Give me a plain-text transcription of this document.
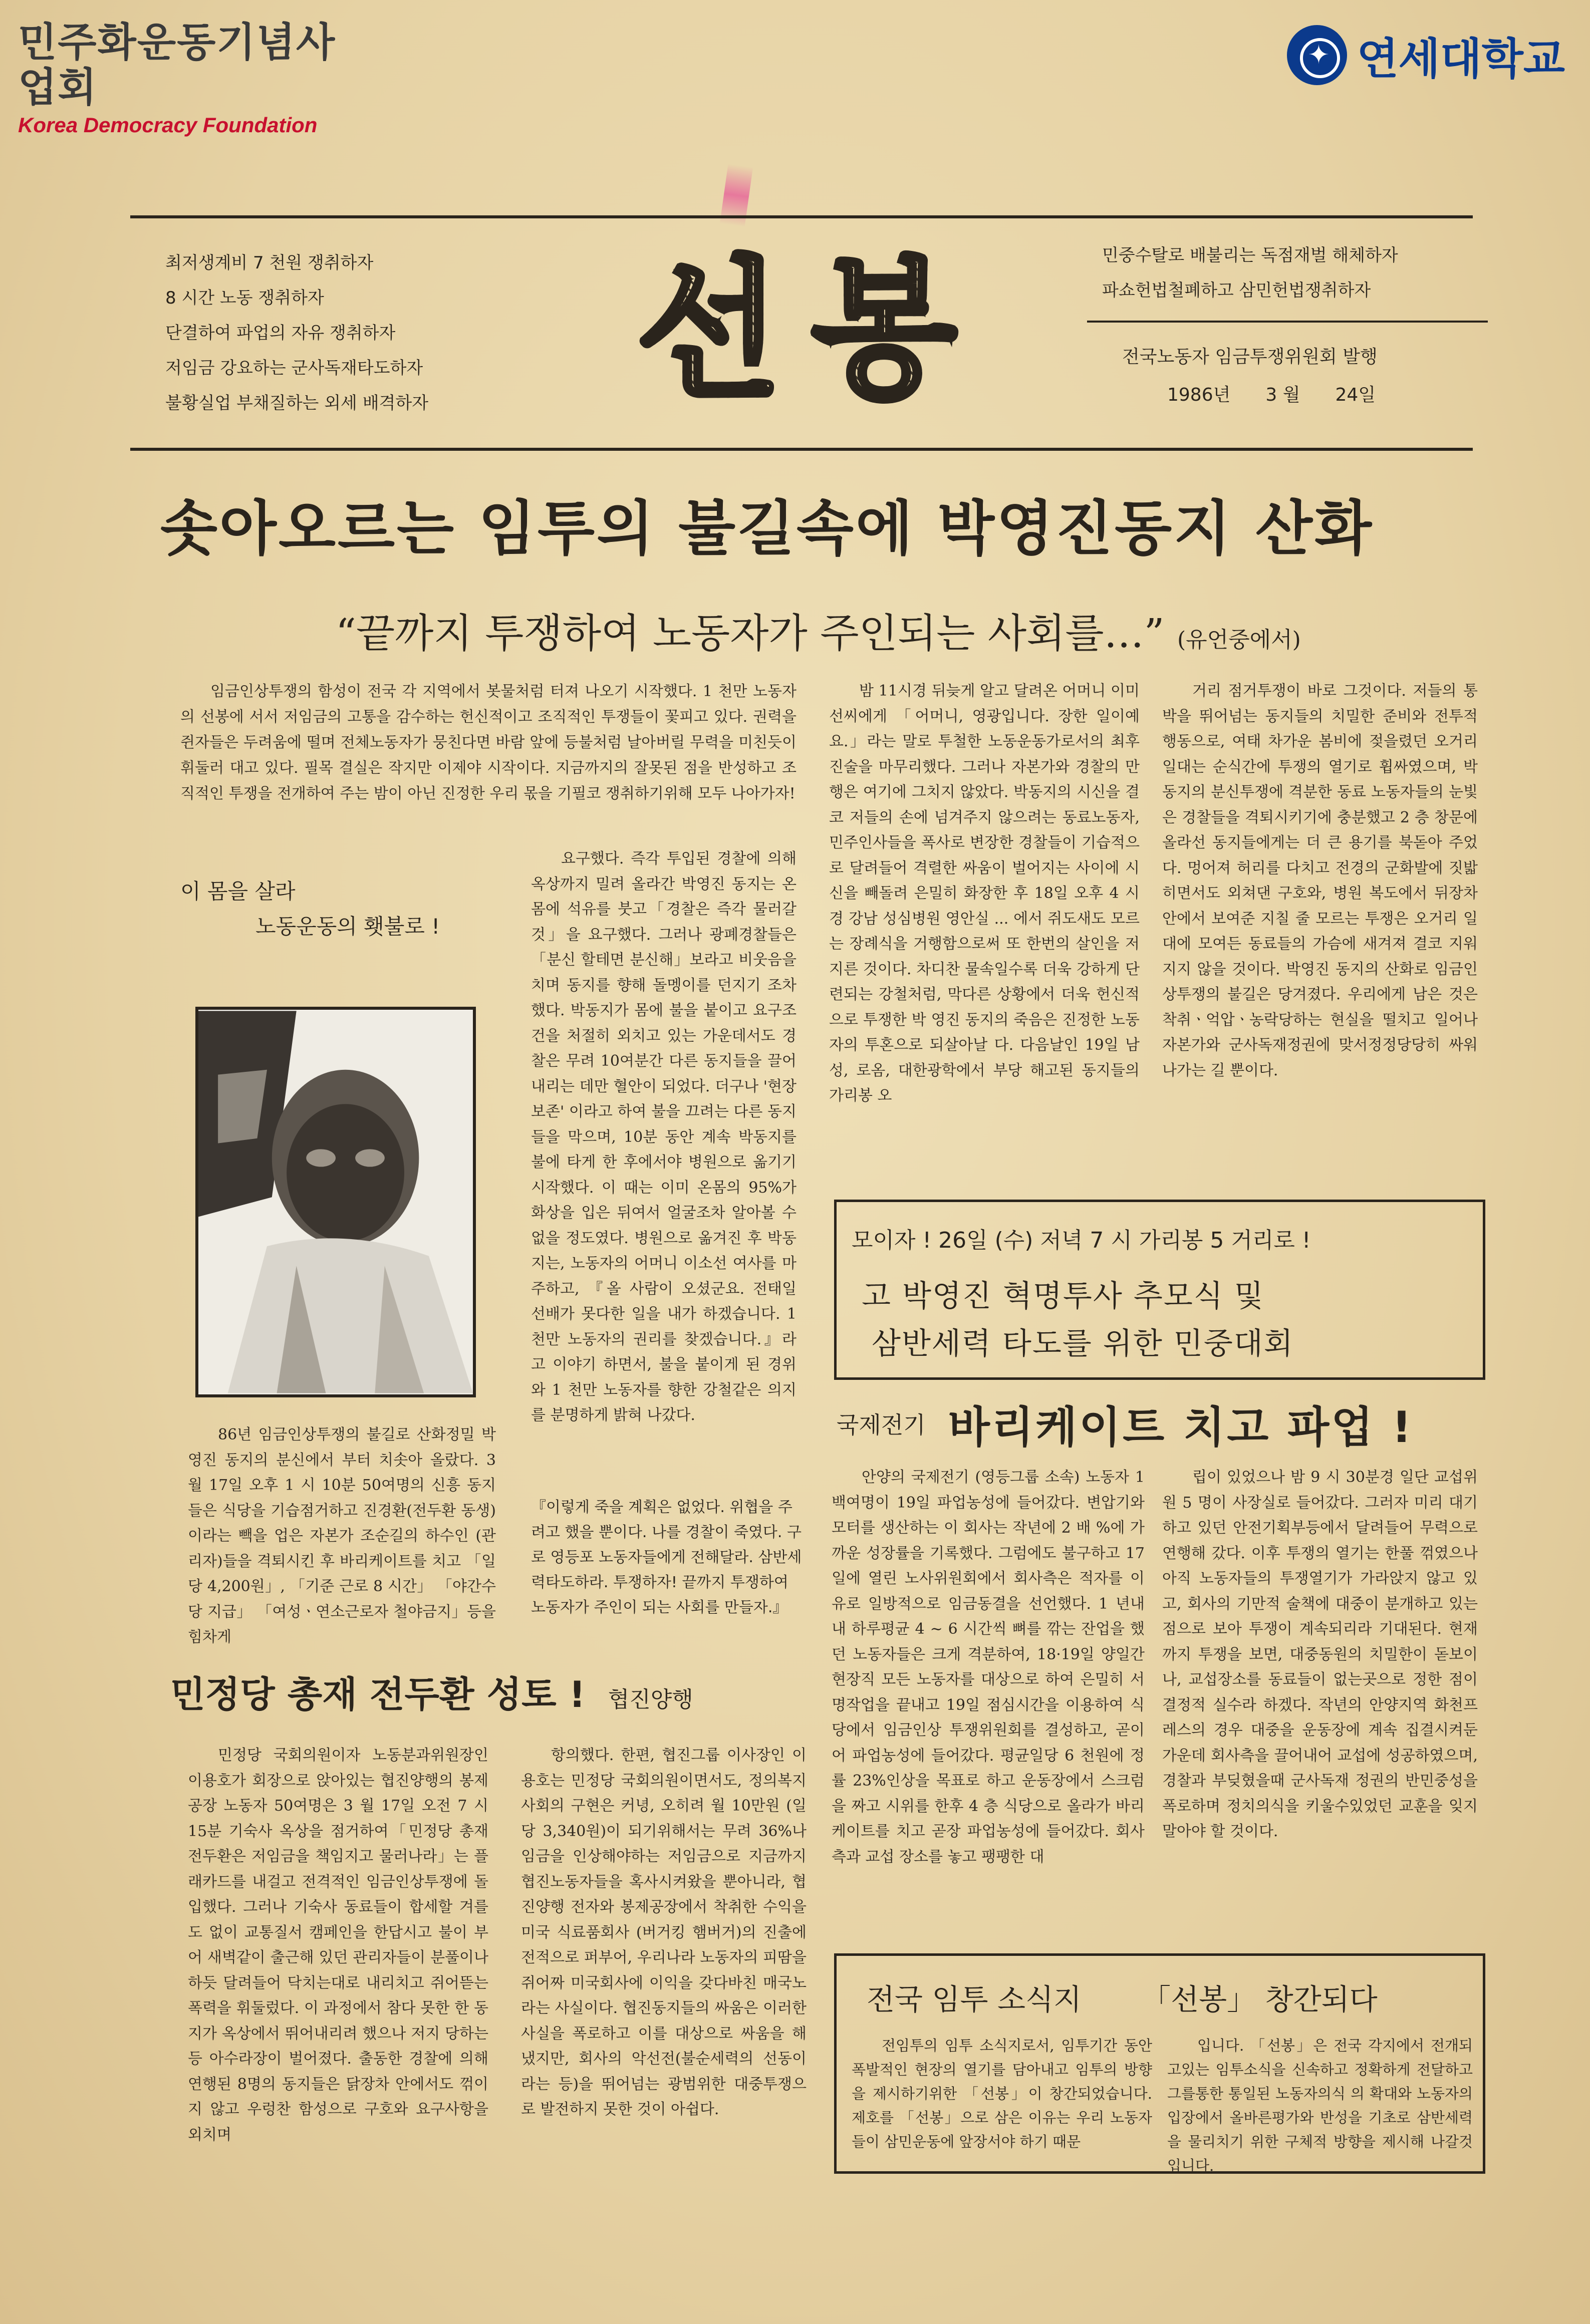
민주화운동기념사업회
Korea Democracy Foundation
✦
연세대학교
최저생계비 7 천원 쟁취하자
8 시간 노동 쟁취하자
단결하여 파업의 자유 쟁취하자
저임금 강요하는 군사독재타도하자
불황실업 부채질하는 외세 배격하자	선봉	민중수탈로 배불리는 독점재벌 해체하자
파쇼헌법철폐하고 삼민헌법쟁취하자
전국노동자 임금투쟁위원회 발행
1986년 3 월 24일
솟아오르는 임투의 불길속에 박영진동지 산화
“끝까지 투쟁하여 노동자가 주인되는 사회를…” (유언중에서)

임금인상투쟁의 함성이 전국 각 지역에서 봇물처럼 터져 나오기 시작했다. 1 천만 노동자의 선봉에 서서 저임금의 고통을 감수하는 헌신적이고 조직적인 투쟁들이 꽃피고 있다. 권력을 쥔자들은 두려움에 떨며 전체노동자가 뭉친다면 바람 앞에 등불처럼 날아버릴 무력을 미친듯이 휘둘러 대고 있다. 필목 결실은 작지만 이제야 시작이다. 지금까지의 잘못된 점을 반성하고 조직적인 투쟁을 전개하여 주는 밤이 아닌 진정한 우리 몫을 기필코 쟁취하기위해 모두 나아가자!

이 몸을 살라
노동운동의 횃불로 !

86년 임금인상투쟁의 불길로 산화정밀 박 영진 동지의 분신에서 부터 치솟아 올랐다. 3 월 17일 오후 1 시 10분 50여명의 신흥 동지들은 식당을 기습점거하고 진경환(전두환 동생)이라는 빽을 업은 자본가 조순길의 하수인 (관리자)들을 격퇴시킨 후 바리케이트를 치고 「일당 4,200원」, 「기준 근로 8 시간」 「야간수당 지급」 「여성ㆍ연소근로자 철야금지」등을 힘차게

요구했다. 즉각 투입된 경찰에 의해 옥상까지 밀려 올라간 박영진 동지는 온몸에 석유를 붓고「경찰은 즉각 물러갈 것」을 요구했다. 그러나 광폐경찰들은「분신 할테면 분신해」보라고 비웃음을 치며 동지를 향해 돌멩이를 던지기 조차 했다. 박동지가 몸에 불을 붙이고 요구조건을 처절히 외치고 있는 가운데서도 경찰은 무려 10여분간 다른 동지들을 끌어내리는 데만 혈안이 되었다. 더구나 '현장보존' 이라고 하여 불을 끄려는 다른 동지들을 막으며, 10분 동안 계속 박동지를 불에 타게 한 후에서야 병원으로 옮기기 시작했다. 이 때는 이미 온몸의 95%가 화상을 입은 뒤여서 얼굴조차 알아볼 수 없을 정도였다. 병원으로 옮겨진 후 박동지는, 노동자의 어머니 이소선 여사를 마주하고, 『올 사람이 오셨군요. 전태일 선배가 못다한 일을 내가 하겠습니다. 1 천만 노동자의 권리를 찾겠습니다.』라고 이야기 하면서, 불을 붙이게 된 경위와 1 천만 노동자를 향한 강철같은 의지를 분명하게 밝혀 나갔다.

『이렇게 죽을 계획은 없었다. 위협을 주려고 했을 뿐이다. 나를 경찰이 죽였다. 구로 영등포 노동자들에게 전해달라. 삼반세력타도하라. 투쟁하자! 끝까지 투쟁하여 노동자가 주인이 되는 사회를 만들자.』

밤 11시경 뒤늦게 알고 달려온 어머니 이미선씨에게 「어머니, 영광입니다. 장한 일이예요.」라는 말로 투철한 노동운동가로서의 최후진술을 마무리했다. 그러나 자본가와 경찰의 만행은 여기에 그치지 않았다. 박동지의 시신을 결코 저들의 손에 넘겨주지 않으려는 동료노동자, 민주인사들을 폭사로 변장한 경찰들이 기습적으로 달려들어 격렬한 싸움이 벌어지는 사이에 시신을 빼돌려 은밀히 화장한 후 18일 오후 4 시경 강남 성심병원 영안실 ... 에서 쥐도새도 모르는 장례식을 거행함으로써 또 한번의 살인을 저지른 것이다. 차디찬 물속일수록 더욱 강하게 단련되는 강철처럼, 막다른 상황에서 더욱 헌신적으로 투쟁한 박 영진 동지의 죽음은 진정한 노동자의 투혼으로 되살아날 다. 다음날인 19일 남성, 로옴, 대한광학에서 부당 해고된 동지들의 가리봉 오

거리 점거투쟁이 바로 그것이다. 저들의 통박을 뛰어넘는 동지들의 치밀한 준비와 전투적 행동으로, 여태 차가운 봄비에 젖을렸던 오거리 일대는 순식간에 투쟁의 열기로 휩싸였으며, 박동지의 분신투쟁에 격분한 동료 노동자들의 눈빛은 경찰들을 격퇴시키기에 충분했고 2 층 창문에 올라선 동지들에게는 더 큰 용기를 북돋아 주었다. 멍어져 허리를 다치고 전경의 군화발에 짓밟히면서도 외쳐댄 구호와, 병원 복도에서 뒤장차 안에서 보여준 지칠 줄 모르는 투쟁은 오거리 일대에 모여든 동료들의 가슴에 새겨져 결코 지워지지 않을 것이다. 박영진 동지의 산화로 임금인상투쟁의 불길은 당겨졌다. 우리에게 남은 것은 착취ㆍ억압ㆍ농락당하는 현실을 떨치고 일어나 자본가와 군사독재정권에 맞서정정당당히 싸워나가는 길 뿐이다.

모이자 ! 26일 (수) 저녁 7 시 가리봉 5 거리로 !
고 박영진 혁명투사 추모식 및
삼반세력 타도를 위한 민중대회
민정당 총재 전두환 성토 ! 협진양행

민정당 국회의원이자 노동분과위원장인 이용호가 회장으로 앉아있는 협진양행의 봉제공장 노동자 50여명은 3 월 17일 오전 7 시 15분 기숙사 옥상을 점거하여「민정당 총재 전두환은 저임금을 책임지고 물러나라」는 플래카드를 내걸고 전격적인 임금인상투쟁에 돌입했다. 그러나 기숙사 동료들이 합세할 겨를도 없이 교통질서 캠페인을 한답시고 불이 부어 새벽같이 출근해 있던 관리자들이 분풀이나 하듯 달려들어 닥치는대로 내리치고 쥐어뜯는 폭력을 휘둘렀다. 이 과정에서 참다 못한 한 동지가 옥상에서 뛰어내리려 했으나 저지 당하는 등 아수라장이 벌어졌다. 출동한 경찰에 의해 연행된 8명의 동지들은 닭장차 안에서도 꺾이지 않고 우렁찬 함성으로 구호와 요구사항을 외치며

항의했다. 한편, 협진그룹 이사장인 이용호는 민정당 국회의원이면서도, 정의복지사회의 구현은 커녕, 오히려 월 10만원 (일당 3,340원)이 되기위해서는 무려 36%나 임금을 인상해야하는 저임금으로 지금까지 협진노동자들을 혹사시켜왔을 뿐아니라, 협진양행 전자와 봉제공장에서 착취한 수익을 미국 식료품회사 (버거킹 햄버거)의 진출에 전적으로 퍼부어, 우리나라 노동자의 피땀을 쥐어짜 미국회사에 이익을 갖다바친 매국노라는 사실이다. 협진동지들의 싸움은 이러한 사실을 폭로하고 이를 대상으로 싸움을 해 냈지만, 회사의 악선전(불순세력의 선동이라는 등)을 뛰어넘는 광범위한 대중투쟁으로 발전하지 못한 것이 아쉽다.

국제전기 바리케이트 치고 파업 !

안양의 국제전기 (영등그룹 소속) 노동자 1 백여명이 19일 파업농성에 들어갔다. 변압기와 모터를 생산하는 이 회사는 작년에 2 배 %에 가까운 성장률을 기록했다. 그럼에도 불구하고 17일에 열린 노사위원회에서 회사측은 적자를 이유로 일방적으로 임금동결을 선언했다. 1 년내내 하루평균 4 ~ 6 시간씩 뼈를 깎는 잔업을 했던 노동자들은 크게 격분하여, 18·19일 양일간 현장직 모든 노동자를 대상으로 하여 은밀히 서명작업을 끝내고 19일 점심시간을 이용하여 식당에서 임금인상 투쟁위원회를 결성하고, 곧이어 파업농성에 들어갔다. 평균일당 6 천원에 정률 23%인상을 목표로 하고 운동장에서 스크럼을 짜고 시위를 한후 4 층 식당으로 올라가 바리케이트를 치고 곧장 파업농성에 들어갔다. 회사측과 교섭 장소를 놓고 팽팽한 대

립이 있었으나 밤 9 시 30분경 일단 교섭위원 5 명이 사장실로 들어갔다. 그러자 미리 대기하고 있던 안전기획부등에서 달려들어 무력으로 연행해 갔다. 이후 투쟁의 열기는 한풀 꺾였으나 아직 노동자들의 투쟁열기가 가라앉지 않고 있고, 회사의 기만적 술책에 대중이 분개하고 있는 점으로 보아 투쟁이 계속되리라 기대된다. 현재까지 투쟁을 보면, 대중동원의 치밀한이 돋보이나, 교섭장소를 동료들이 없는곳으로 정한 점이 결정적 실수라 하겠다. 작년의 안양지역 화천프레스의 경우 대중을 운동장에 계속 집결시켜둔 가운데 회사측을 끌어내어 교섭에 성공하였으며, 경찰과 부딪혔을때 군사독재 정권의 반민중성을 폭로하며 정치의식을 키울수있었던 교훈을 잊지 말아야 할 것이다.

전국 임투 소식지 「선봉」 창간되다

전임투의 임투 소식지로서, 임투기간 동안 폭발적인 현장의 열기를 담아내고 임투의 방향을 제시하기위한 「선봉」이 창간되었습니다. 제호를 「선봉」으로 삼은 이유는 우리 노동자들이 삼민운동에 앞장서야 하기 때문

입니다. 「선봉」은 전국 각지에서 전개되고있는 임투소식을 신속하고 정확하게 전달하고 그를통한 통일된 노동자의식 의 확대와 노동자의 입장에서 올바른평가와 반성을 기초로 삼반세력을 물리치기 위한 구체적 방향을 제시해 나갈것입니다.
